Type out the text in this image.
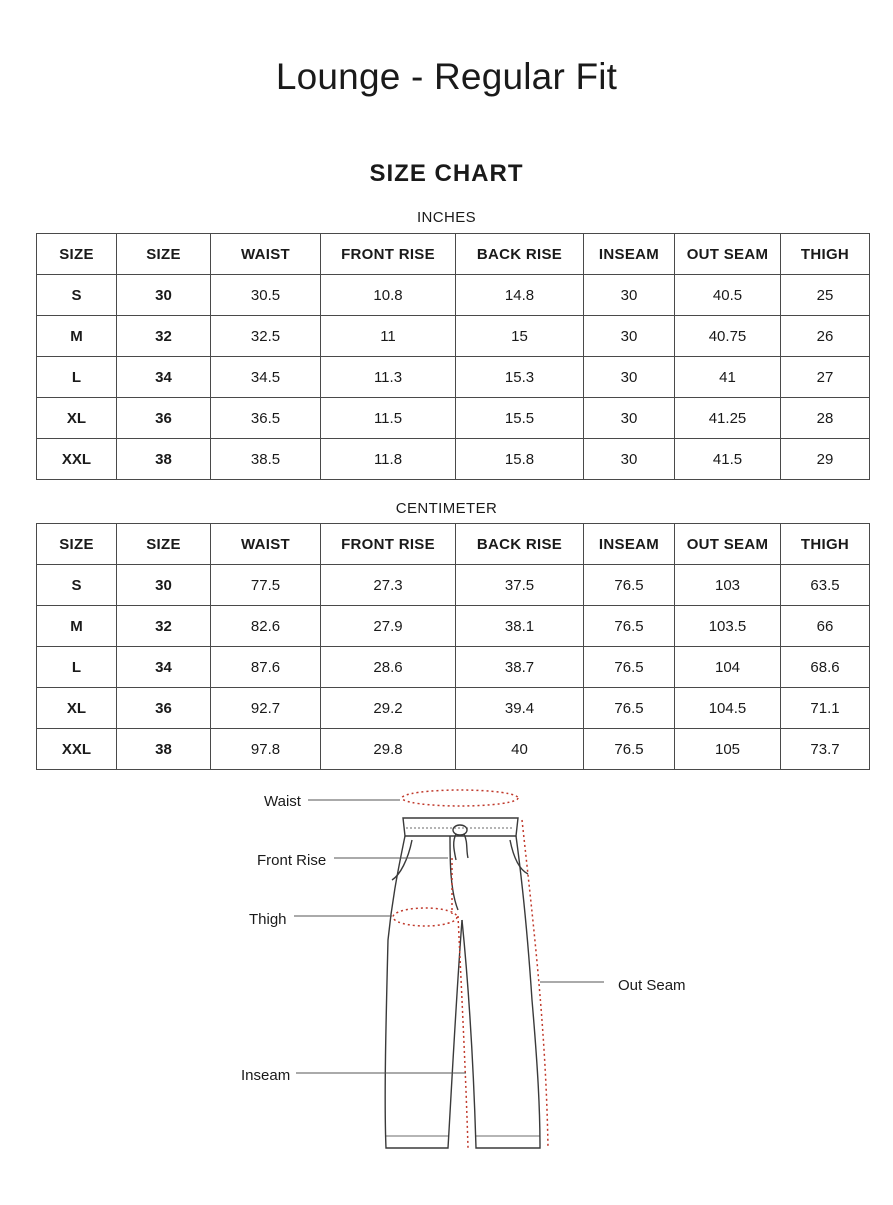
Lounge - Regular Fit
SIZE CHART
INCHES
SIZE	SIZE	WAIST	FRONT RISE	BACK RISE	INSEAM	OUT SEAM	THIGH
S	30	30.5	10.8	14.8	30	40.5	25
M	32	32.5	11	15	30	40.75	26
L	34	34.5	11.3	15.3	30	41	27
XL	36	36.5	11.5	15.5	30	41.25	28
XXL	38	38.5	11.8	15.8	30	41.5	29
CENTIMETER
SIZE	SIZE	WAIST	FRONT RISE	BACK RISE	INSEAM	OUT SEAM	THIGH
S	30	77.5	27.3	37.5	76.5	103	63.5
M	32	82.6	27.9	38.1	76.5	103.5	66
L	34	87.6	28.6	38.7	76.5	104	68.6
XL	36	92.7	29.2	39.4	76.5	104.5	71.1
XXL	38	97.8	29.8	40	76.5	105	73.7
Waist
Front Rise
Thigh
Out Seam
Inseam
